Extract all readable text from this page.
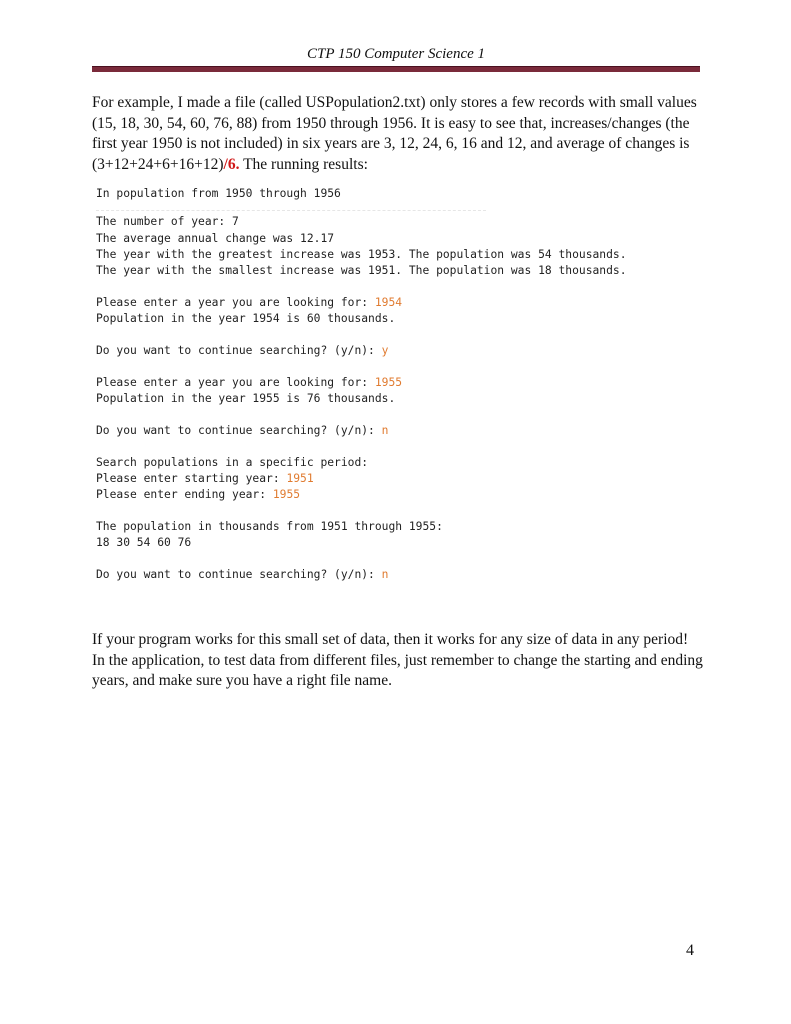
CTP 150 Computer Science 1
For example, I made a file (called USPopulation2.txt) only stores a few records with small values (15, 18, 30, 54, 60, 76, 88) from 1950 through 1956. It is easy to see that, increases/changes (the first year 1950 is not included) in six years are 3, 12, 24, 6, 16 and 12, and average of changes is (3+12+24+6+16+12)/6. The running results:
In population from 1950 through 1956
The number of year: 7
The average annual change was 12.17
The year with the greatest increase was 1953. The population was 54 thousands.
The year with the smallest increase was 1951. The population was 18 thousands.
Please enter a year you are looking for: 1954
Population in the year 1954 is 60 thousands.
Do you want to continue searching? (y/n): y
Please enter a year you are looking for: 1955
Population in the year 1955 is 76 thousands.
Do you want to continue searching? (y/n): n
Search populations in a specific period:
Please enter starting year: 1951
Please enter ending year: 1955
The population in thousands from 1951 through 1955:
18 30 54 60 76
Do you want to continue searching? (y/n): n
If your program works for this small set of data, then it works for any size of data in any period! In the application, to test data from different files, just remember to change the starting and ending years, and make sure you have a right file name.
4
